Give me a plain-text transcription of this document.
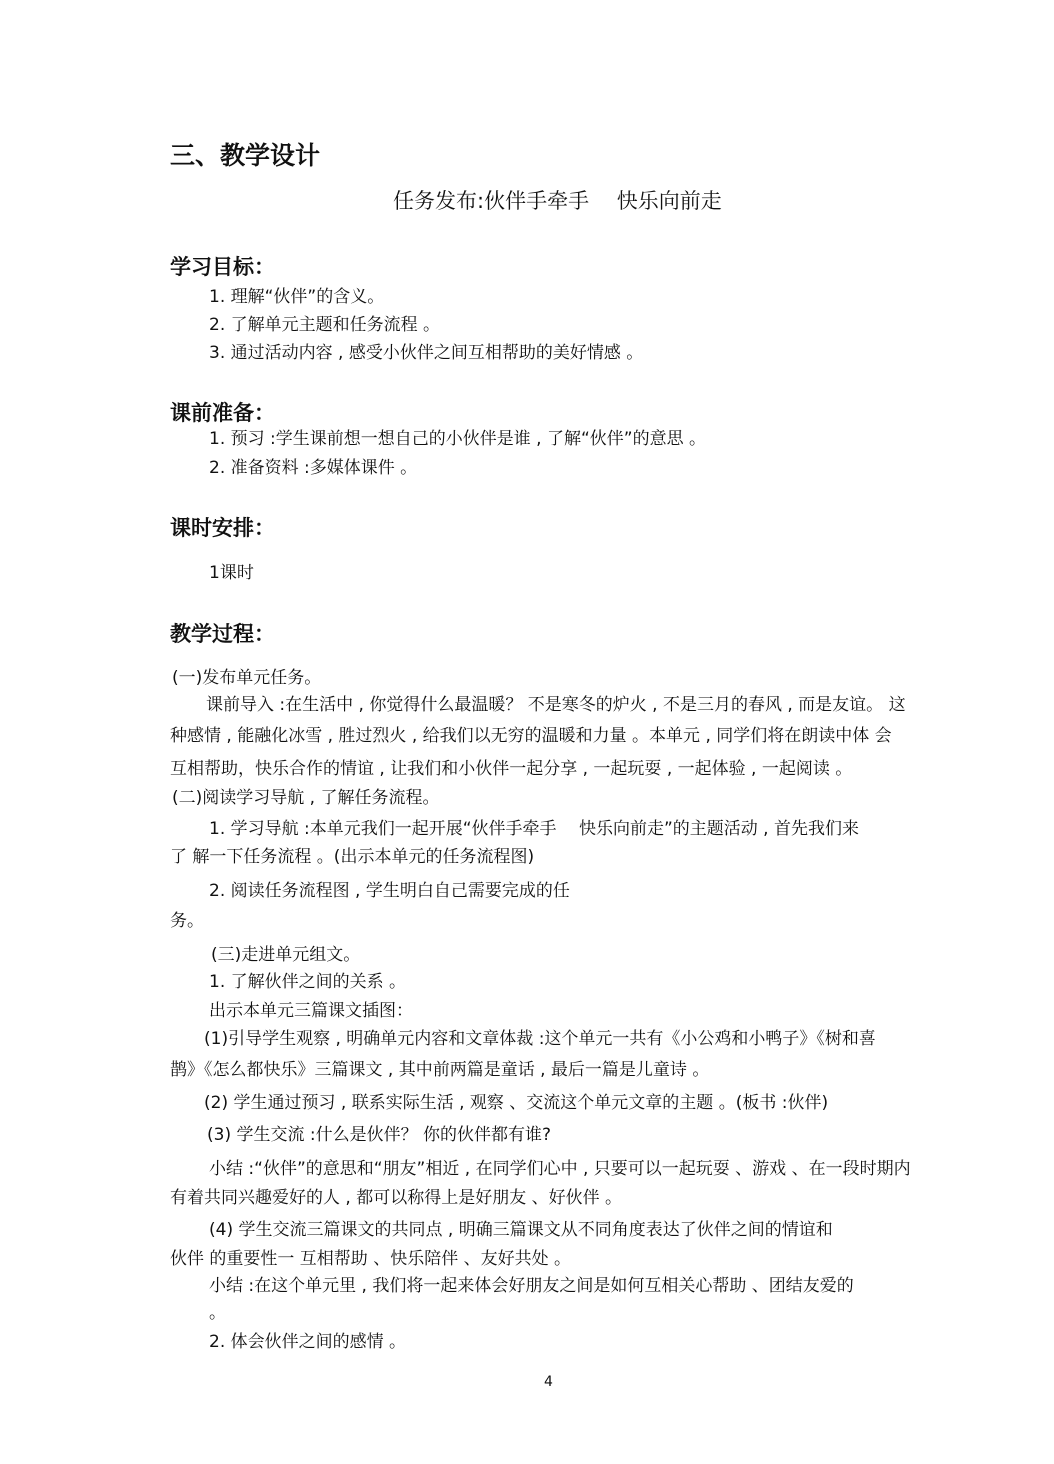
三、教学设计
任务发布:伙伴手牵手　 快乐向前走
学习目标：
1. 理解“伙伴”的含义。
2. 了解单元主题和任务流程 。
3. 通过活动内容 , 感受小伙伴之间互相帮助的美好情感 。
课前准备：
1. 预习 :学生课前想一想自己的小伙伴是谁 , 了解“伙伴”的意思 。
2. 准备资料 :多媒体课件 。
课时安排：
1课时
教学过程：
(一)发布单元任务。
课前导入 :在生活中 , 你觉得什么最温暖？ 不是寒冬的炉火 , 不是三月的春风 , 而是友谊。 这
种感情 , 能融化冰雪 , 胜过烈火 , 给我们以无穷的温暖和力量 。本单元 , 同学们将在朗读中体 会
互相帮助，快乐合作的情谊 , 让我们和小伙伴一起分享 , 一起玩耍 , 一起体验 , 一起阅读 。
(二)阅读学习导航 , 了解任务流程。
1. 学习导航 :本单元我们一起开展“伙伴手牵手　 快乐向前走”的主题活动 , 首先我们来
了 解一下任务流程 。(出示本单元的任务流程图)
2. 阅读任务流程图 , 学生明白自己需要完成的任
务。
(三)走进单元组文。
1. 了解伙伴之间的关系 。
出示本单元三篇课文插图：
(1)引导学生观察 , 明确单元内容和文章体裁 :这个单元一共有《小公鸡和小鸭子》《树和喜
鹊》《怎么都快乐》三篇课文 , 其中前两篇是童话 , 最后一篇是儿童诗 。
(2) 学生通过预习 , 联系实际生活 , 观察 、交流这个单元文章的主题 。(板书 :伙伴)
(3) 学生交流 :什么是伙伴？ 你的伙伴都有谁?
小结 :“伙伴”的意思和“朋友”相近 , 在同学们心中 , 只要可以一起玩耍 、游戏 、在一段时期内
有着共同兴趣爱好的人 , 都可以称得上是好朋友 、好伙伴 。
(4) 学生交流三篇课文的共同点 , 明确三篇课文从不同角度表达了伙伴之间的情谊和
伙伴 的重要性一 互相帮助 、快乐陪伴 、友好共处 。
小结 :在这个单元里 , 我们将一起来体会好朋友之间是如何互相关心帮助 、团结友爱的
。
2. 体会伙伴之间的感情 。
4
